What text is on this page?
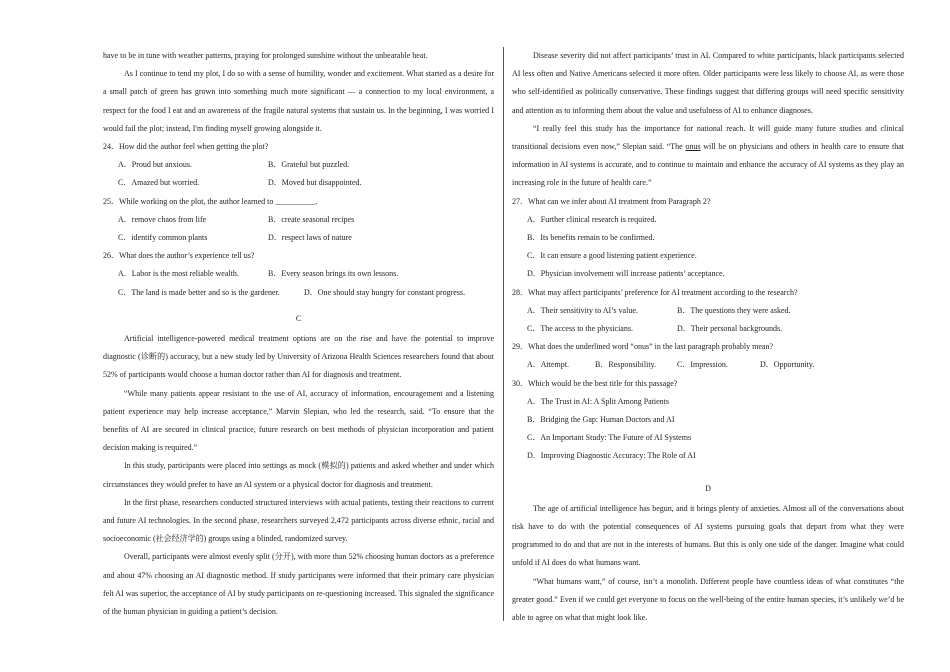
have to be in tune with weather patterns, praying for prolonged sunshine without the unbearable heat.

As I continue to tend my plot, I do so with a sense of humility, wonder and excitement. What started as a desire for a small patch of green has grown into something much more significant — a connection to my local environment, a respect for the food I eat and an awareness of the fragile natural systems that sustain us. In the beginning, I was worried I would fail the plot; instead, I'm finding myself growing alongside it.

24．How did the author feel when getting the plot?

A．Proud but anxious.	B．Grateful but puzzled.
C．Amazed but worried.	D．Moved but disappointed.

25．While working on the plot, the author learned to __________.

A．remove chaos from life	B．create seasonal recipes
C．identify common plants	D．respect laws of nature

26．What does the author’s experience tell us?

A．Labor is the most reliable wealth.	B．Every season brings its own lessons.
C．The land is made better and so is the gardener.	D．One should stay hungry for constant progress.

C

Artificial intelligence-powered medical treatment options are on the rise and have the potential to improve diagnostic (诊断的) accuracy, but a new study led by University of Arizona Health Sciences researchers found that about 52% of participants would choose a human doctor rather than AI for diagnosis and treatment.

“While many patients appear resistant to the use of AI, accuracy of information, encouragement and a listening patient experience may help increase acceptance,” Marvin Slepian, who led the research, said. “To ensure that the benefits of AI are secured in clinical practice, future research on best methods of physician incorporation and patient decision making is required.”

In this study, participants were placed into settings as mock (模拟的) patients and asked whether and under which circumstances they would prefer to have an AI system or a physical doctor for diagnosis and treatment.

In the first phase, researchers conducted structured interviews with actual patients, testing their reactions to current and future AI technologies. In the second phase, researchers surveyed 2,472 participants across diverse ethnic, racial and socioeconomic (社会经济学的) groups using a blinded, randomized survey.

Overall, participants were almost evenly split (分开), with more than 52% choosing human doctors as a preference and about 47% choosing an AI diagnostic method. If study participants were informed that their primary care physician felt AI was superior, the acceptance of AI by study participants on re-questioning increased. This signaled the significance of the human physician in guiding a patient’s decision.

Disease severity did not affect participants’ trust in AI. Compared to white participants, black participants selected AI less often and Native Americans selected it more often. Older participants were less likely to choose AI, as were those who self-identified as politically conservative. These findings suggest that differing groups will need specific sensitivity and attention as to informing them about the value and usefulness of AI to enhance diagnoses.

“I really feel this study has the importance for national reach. It will guide many future studies and clinical transitional decisions even now,” Slepian said. “The onus will be on physicians and others in health care to ensure that information in AI systems is accurate, and to continue to maintain and enhance the accuracy of AI systems as they play an increasing role in the future of health care.”

27．What can we infer about AI treatment from Paragraph 2?

A．Further clinical research is required.
B．Its benefits remain to be confirmed.
C．It can ensure a good listening patient experience.
D．Physician involvement will increase patients’ acceptance.

28．What may affect participants’ preference for AI treatment according to the research?

A．Their sensitivity to AI’s value.	B．The questions they were asked.
C．The access to the physicians.	D．Their personal backgrounds.

29．What does the underlined word “onus” in the last paragraph probably mean?

A．Attempt.	B．Responsibility.	C．Impression.	D．Opportunity.

30．Which would be the best title for this passage?

A．The Trust in AI: A Split Among Patients
B．Bridging the Gap: Human Doctors and AI
C．An Important Study: The Future of AI Systems
D．Improving Diagnostic Accuracy: The Role of AI

D

The age of artificial intelligence has begun, and it brings plenty of anxieties. Almost all of the conversations about risk have to do with the potential consequences of AI systems pursuing goals that depart from what they were programmed to do and that are not in the interests of humans. But this is only one side of the danger. Imagine what could unfold if AI does do what humans want.

“What humans want,” of course, isn’t a monolith. Different people have countless ideas of what constitutes “the greater good.” Even if we could get everyone to focus on the well-being of the entire human species, it’s unlikely we’d be able to agree on what that might look like.
